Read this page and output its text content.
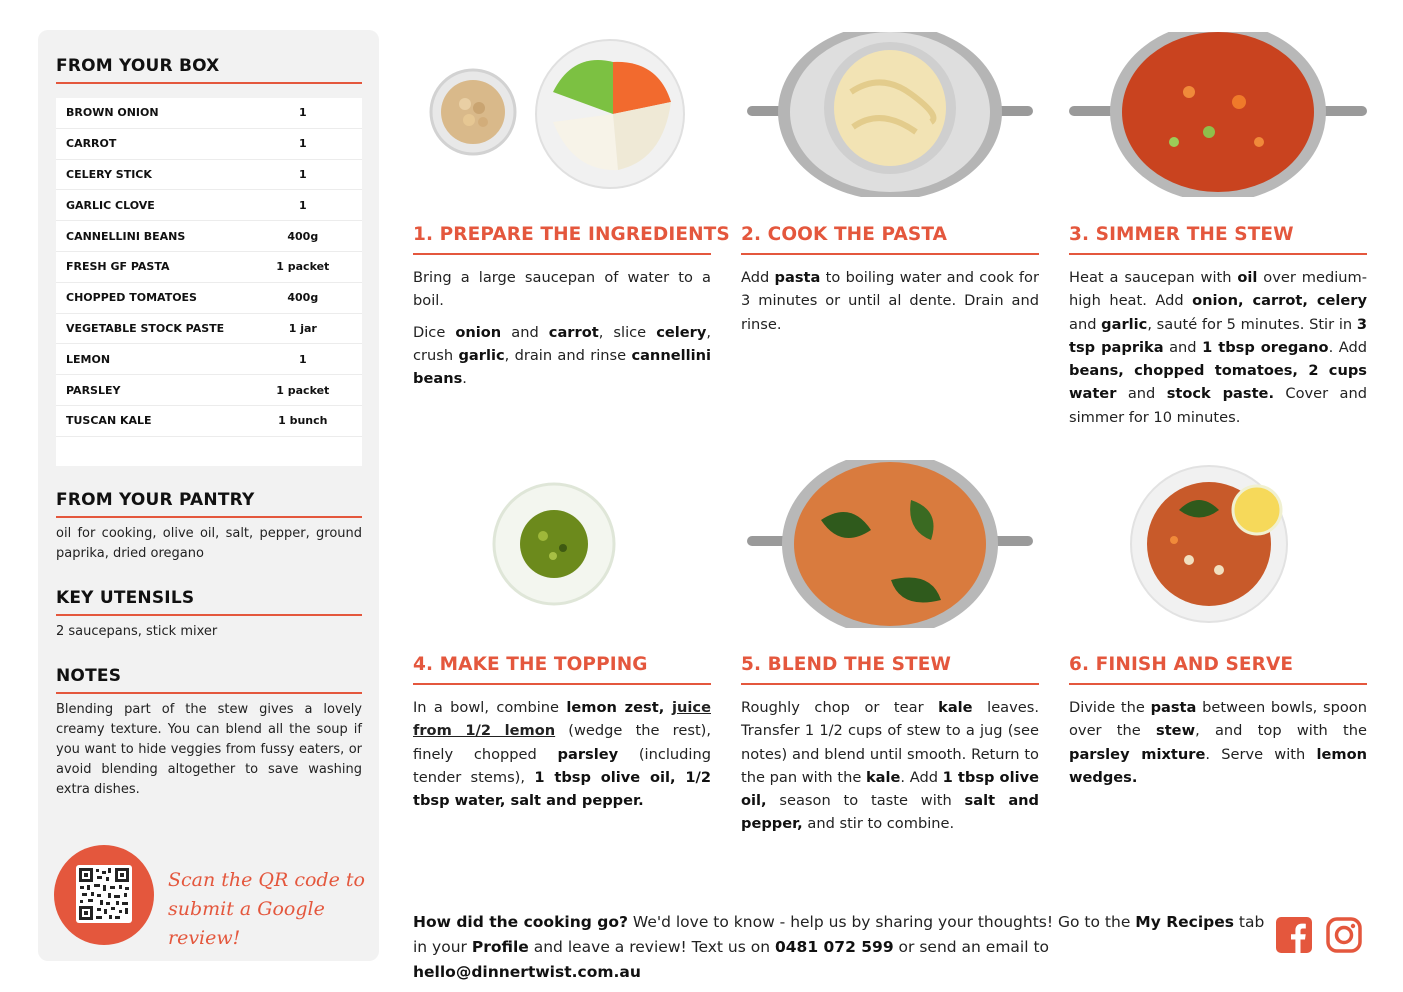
FROM YOUR BOX
BROWN ONION	1
CARROT	1
CELERY STICK	1
GARLIC CLOVE	1
CANNELLINI BEANS	400g
FRESH GF PASTA	1 packet
CHOPPED TOMATOES	400g
VEGETABLE STOCK PASTE	1 jar
LEMON	1
PARSLEY	1 packet
TUSCAN KALE	1 bunch
FROM YOUR PANTRY
oil for cooking, olive oil, salt, pepper, ground paprika, dried oregano
KEY UTENSILS
2 saucepans, stick mixer
NOTES
Blending part of the stew gives a lovely creamy texture. You can blend all the soup if you want to hide veggies from fussy eaters, or avoid blending altogether to save washing extra dishes.
Scan the QR code to submit a Google review!
1. PREPARE THE INGREDIENTS

Bring a large saucepan of water to a boil.

Dice onion and carrot, slice celery, crush garlic, drain and rinse cannellini beans.

2. COOK THE PASTA

Add pasta to boiling water and cook for 3 minutes or until al dente. Drain and rinse.

3. SIMMER THE STEW

Heat a saucepan with oil over medium-high heat. Add onion, carrot, celery and garlic, sauté for 5 minutes. Stir in 3 tsp paprika and 1 tbsp oregano. Add beans, chopped tomatoes, 2 cups water and stock paste. Cover and simmer for 10 minutes.

4. MAKE THE TOPPING

In a bowl, combine lemon zest, juice from 1/2 lemon (wedge the rest), finely chopped parsley (including tender stems), 1 tbsp olive oil, 1/2 tbsp water, salt and pepper.

5. BLEND THE STEW

Roughly chop or tear kale leaves. Transfer 1 1/2 cups of stew to a jug (see notes) and blend until smooth. Return to the pan with the kale. Add 1 tbsp olive oil, season to taste with salt and pepper, and stir to combine.

6. FINISH AND SERVE

Divide the pasta between bowls, spoon over the stew, and top with the parsley mixture. Serve with lemon wedges.

How did the cooking go? We'd love to know - help us by sharing your thoughts! Go to the My Recipes tab in your Profile and leave a review! Text us on 0481 072 599 or send an email to hello@dinnertwist.com.au
